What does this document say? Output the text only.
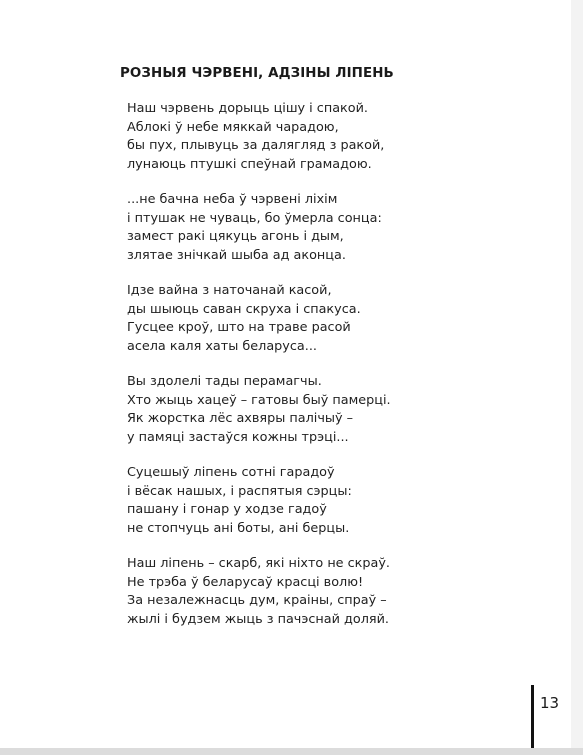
РОЗНЫЯ ЧЭРВЕНІ, АДЗІНЫ ЛІПЕНЬ
Наш чэрвень дорыць цішу і спакой.
Аблокі ў небе мяккай чарадою,
бы пух, плывуць за далягляд з ракой,
лунаюць птушкі спеўнай грамадою.
...не бачна неба ў чэрвені ліхім
і птушак не чуваць, бо ўмерла сонца:
замест ракі цякуць агонь і дым,
злятае знічкай шыба ад аконца.
Ідзе вайна з наточанай касой,
ды шыюць саван скруха і спакуса.
Гусцее кроў, што на траве расой
асела каля хаты беларуса...
Вы здолелі тады перамагчы.
Хто жыць хацеў – гатовы быў памерці.
Як жорстка лёс ахвяры палічыў –
у памяці застаўся кожны трэці...
Суцешыў ліпень сотні гарадоў
і вёсак нашых, і распятыя сэрцы:
пашану і гонар у ходзе гадоў
не стопчуць ані боты, ані берцы.
Наш ліпень – скарб, які ніхто не скраў.
Не трэба ў беларусаў красці волю!
За незалежнасць дум, краіны, спраў –
жылі і будзем жыць з пачэснай доляй.
13
